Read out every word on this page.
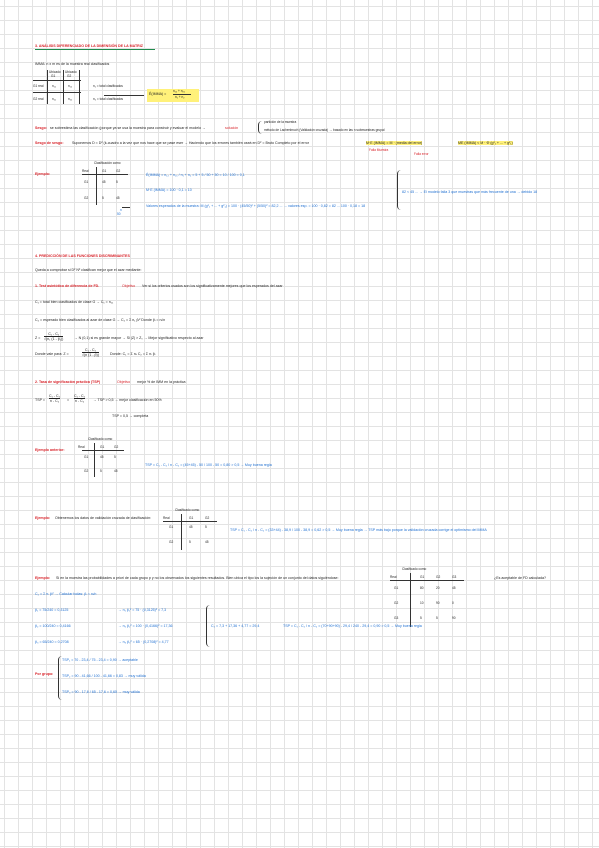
3. ANÁLISIS DIFERENCIADO DE LA DIMENSIÓN DE LA MATRIZ
IMMA: n x m es de la muestra real clasificados
Ubicado
G1
Ubicado
G2
G1 real	n₁₁	n₁₂	n₁ = total clasificados
G2 real	n₂₁	n₂₂	n₂ = total clasificados
Ê(IMMA) =
n₁₂ + n₂₁
n₁ + n₂
Sesgo: se sobrestima las clasificación (porque ya se usa la muestra para construir y evaluar el modelo →	solución
partición de la muestra
método de Lachenbruch (Validación cruzada) → basado en las n submuestras grupal
Sesgo de sesgo: Suponemos D ≈ D² (k-cuadro a la vez que nos hace que se pase eser → Haciendo que los errores también oseá en D² = Bruto Completo por el error	M·E (IMMA) = M · (media del error)	ME (IMMA) < M · Φ (g¹₁ + ... + g²₁)
Falla Muestra
Falla error
Ejemplo:
Clasificación como
Real	G1	G2
G1	45	5
G2	5	45
n
50
Ê(IMMA) = n₁₂ + n₂₁ / n₁ + n₂ = 5 + 5 / 50 + 50 = 10 / 100 = 0,1
M·E (IMMA) = 100 · 0,1 = 10
Valores esperados de la muestra: M (g¹₁ + ... + g²₁) = 100 · (45/50)² + (5/50)² = 82,2 ... → valores esp. = 100 · 0,82 = 82 ... 100 · 0,18 = 18
82 < 45 ... → El modelo falla 3 que muestras que más frecuente de una → debido 18
4. PREDICCIÓN DE LAS FUNCIONES DISCRIMINANTES
Queda a comprobar si D² N² clasifican mejor que el azar mediante:
1. Test asintótico de diferencia de FD.	Objetivo Ver si los criterios usados son los significativamente mejores que los esperados del azar
C₁ = total bien clasificados de clase G → C₁ = n₁₁
C₂ = esperado bien clasificados al azar de clase G → C₂ = Σ n₁ p̂ᵢ² Donde p̂ᵢ = nᵢ/n
Z =
C₁ - C₂
√(n₁ (1 - p̂₁))	→ N (0,1) si es grande mayor → Si |Z| > Z₀ → Mejor significativo respecto al azar
Donde vale para: Z =
C₁ - C₂
√(n (1 - p̂))	Donde: C₁ = Σ nᵢᵢ C₂ = Σ nᵢ p̂ᵢ
2. Tasa de significación práctica (TSP)	Objetivo mejor % de IMM en la práctica
TSP =
C₁ - C₂
n - C₂ =
C₁ - C₂
n - C₂ → TSP > 0,5 → mejor clasificación en 50%
TSP = 0,5 → completa
Ejemplo anterior:
Clasificado como
Real	G1	G2
G1	45	5
G2	5	45
TSP = C₁ - C₂ / n - C₂ = (45+45) - 50 / 100 - 50 = 0,80 > 0,5 → Muy buena regla
Ejemplo: Obtenemos los datos de validación cruzada de clasificación:
Clasificado como
Real	G1	G2
G1	45	5
G2	5	45
TSP = C₁ - C₂ / n - C₂ = (33+44) - 38,9 / 100 - 38,9 = 0,62 > 0,5 → Muy buena regla → TSP más bajo porque la validación cruzada corrige el optimismo del IMMA
Ejemplo: Si en la muestra las probabilidades a priori de cada grupo p y no los observados los siguientes resultados. Bien ubica el tipo los la sujeción de un conjunto del datos siguiéndose:
Clasificado como
Real	G1	G2	G3
G1	80	20	45
G2	10	90	0
G3	5	5	90
¿Es aceptable de FD calculada?
C₂ = Σ nᵢ p̂ᵢ² → Calcular todas: p̂ᵢ = nᵢ/n
p̂₁ = 75/240 = 0,3125	→ n₁ p̂₁² = 75 · (0,3125)² = 7,3
p̂₂ = 100/240 = 0,4166	→ n₂ p̂₂² = 100 · (0,4166)² = 17,36
p̂₃ = 65/240 = 0,2708	→ n₃ p̂₃² = 65 · (0,2708)² = 4,77
C₂ = 7,3 + 17,36 + 4,77 = 29,4	TSP = C₁ - C₂ / n - C₂ = (70+90+90) - 29,4 / 240 - 29,4 = 0,90 > 0,5 → Muy buena regla
Por grupo:
TSP₁ = 70 - 23,4 / 75 - 23,4 = 0,90 → aceptable
TSP₂ = 90 - 41,66 / 100 - 41,66 = 0,83 → muy válida
TSP₃ = 90 - 17,6 / 65 - 17,6 = 0,65 → muy válida
